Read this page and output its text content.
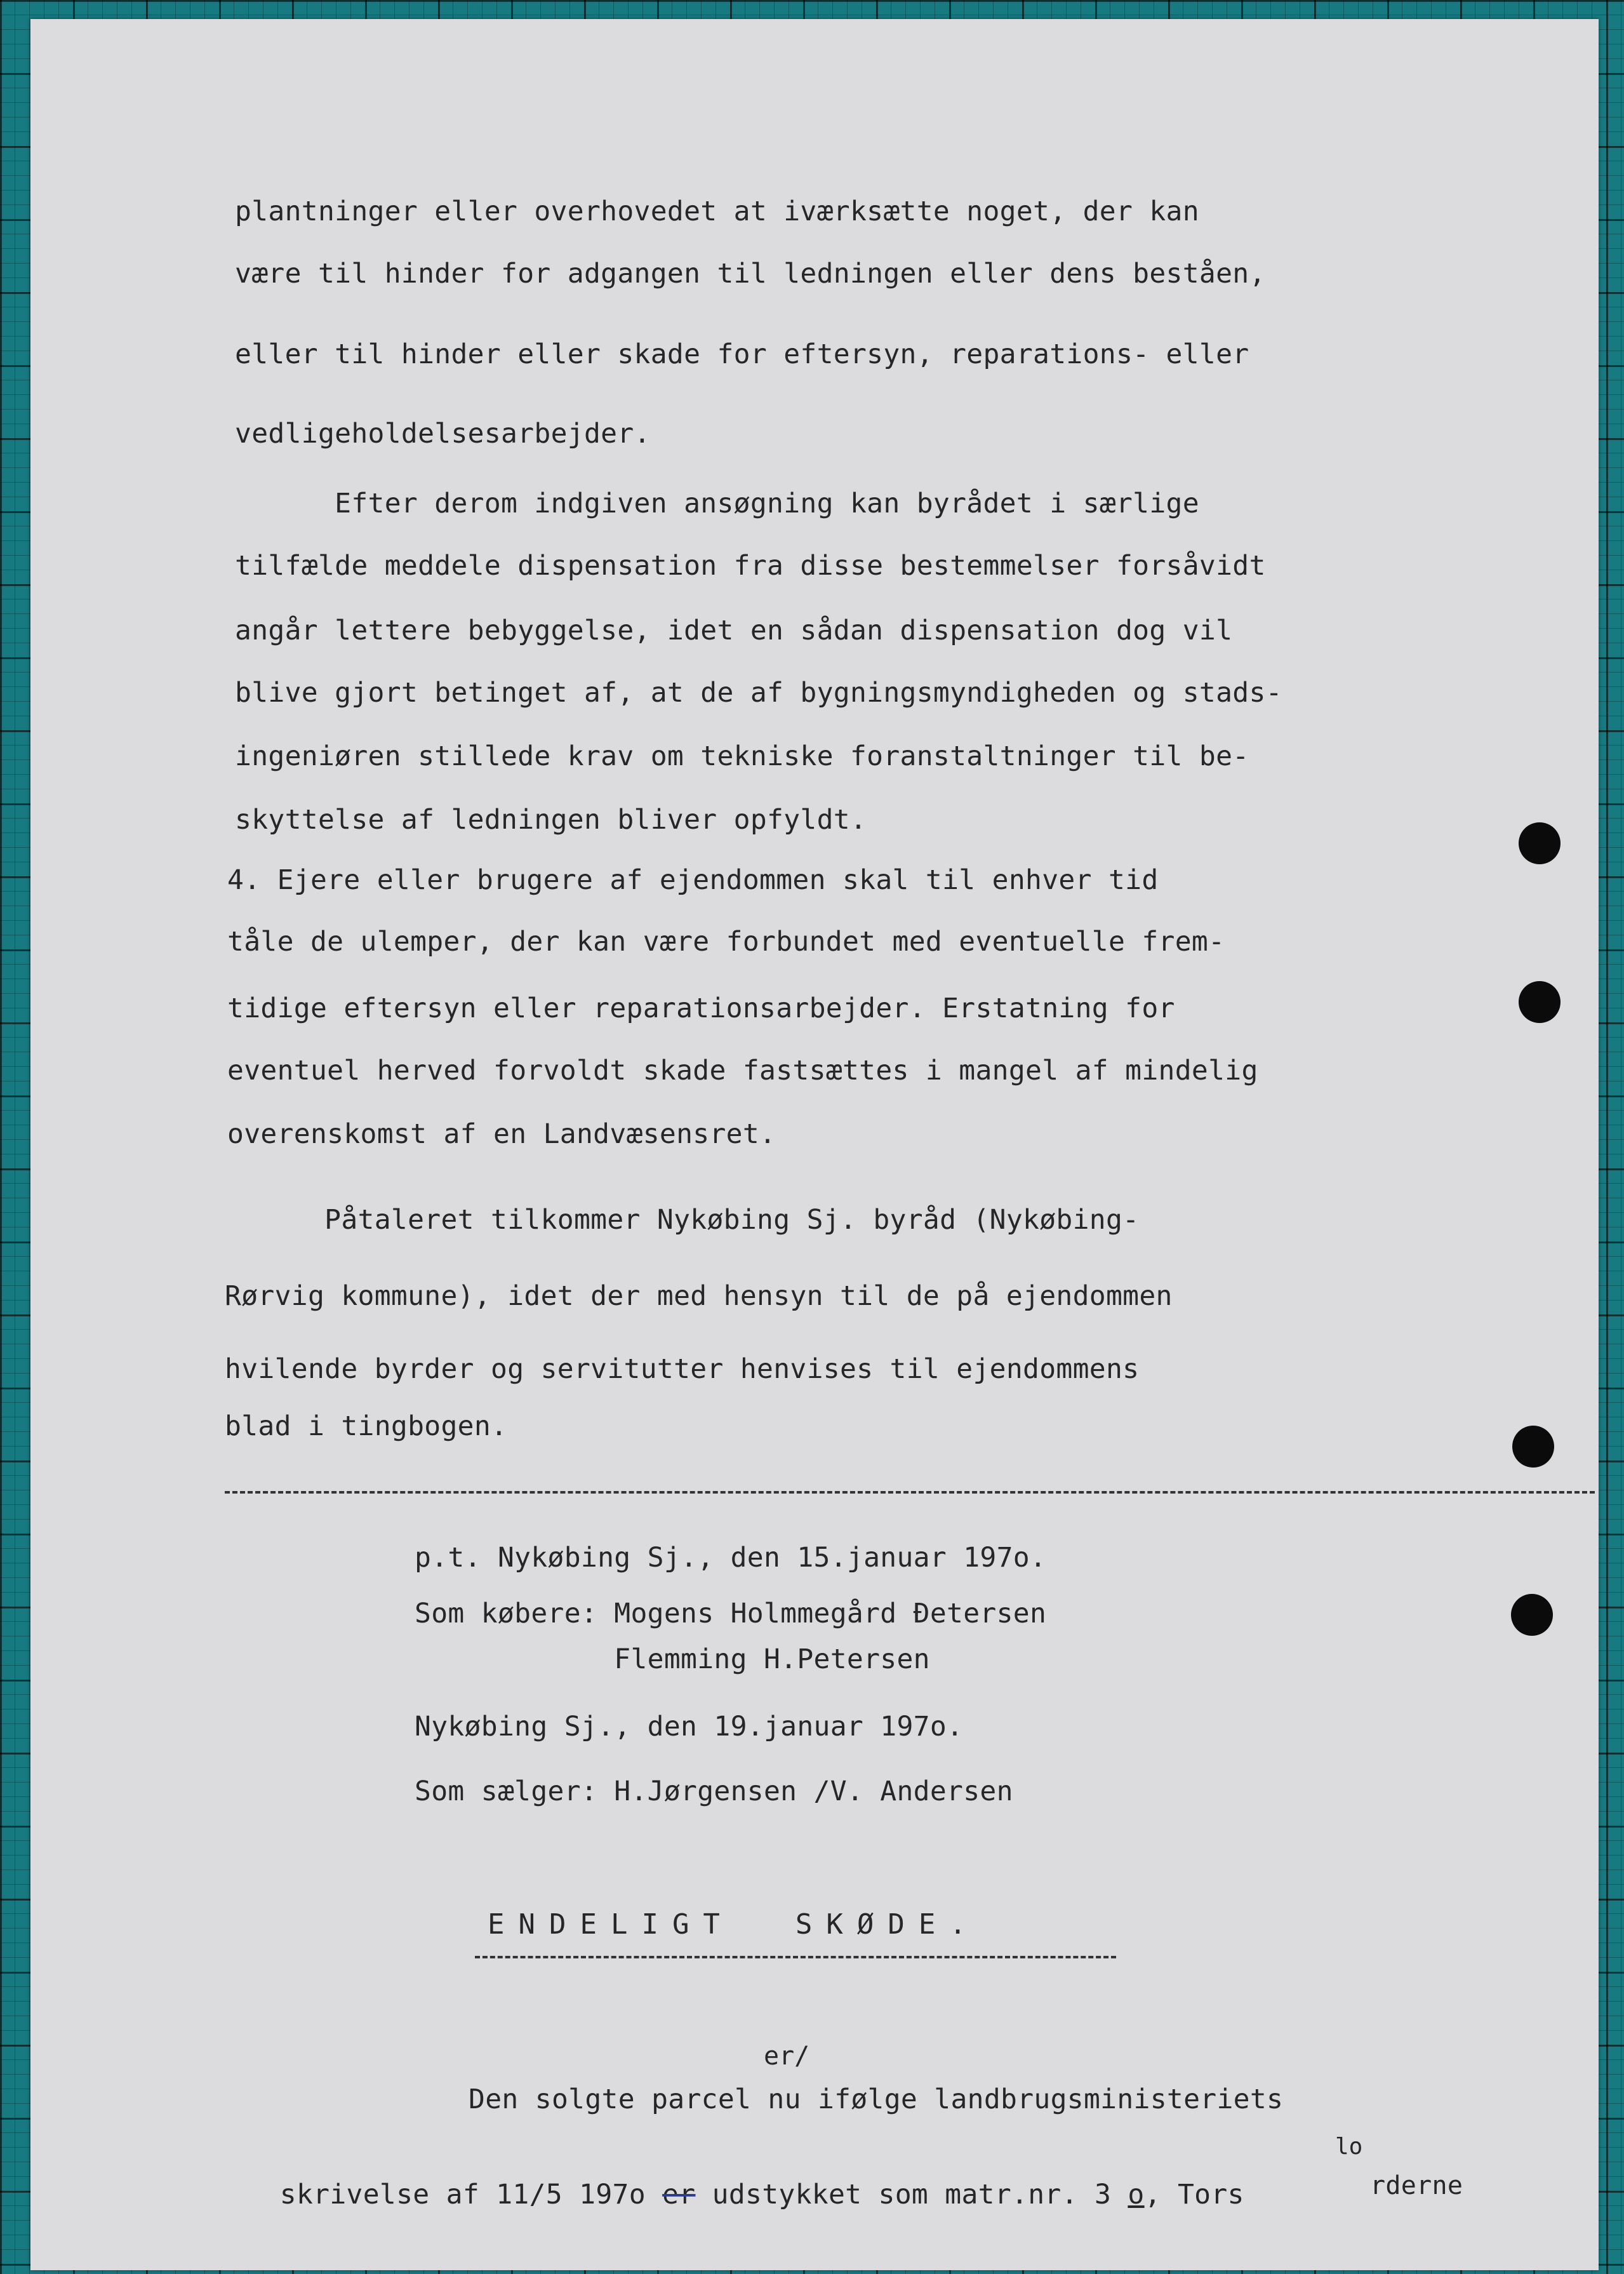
plantninger eller overhovedet at iværksætte noget, der kan
være til hinder for adgangen til ledningen eller dens beståen,
eller til hinder eller skade for eftersyn, reparations- eller
vedligeholdelsesarbejder.
Efter derom indgiven ansøgning kan byrådet i særlige
tilfælde meddele dispensation fra disse bestemmelser forsåvidt
angår lettere bebyggelse, idet en sådan dispensation dog vil
blive gjort betinget af, at de af bygningsmyndigheden og stads-
ingeniøren stillede krav om tekniske foranstaltninger til be-
skyttelse af ledningen bliver opfyldt.
4. Ejere eller brugere af ejendommen skal til enhver tid
tåle de ulemper, der kan være forbundet med eventuelle frem-
tidige eftersyn eller reparationsarbejder. Erstatning for
eventuel herved forvoldt skade fastsættes i mangel af mindelig
overenskomst af en Landvæsensret.
Påtaleret tilkommer Nykøbing Sj. byråd (Nykøbing-
Rørvig kommune), idet der med hensyn til de på ejendommen
hvilende byrder og servitutter henvises til ejendommens
blad i tingbogen.
p.t. Nykøbing Sj., den 15.januar 197o.
Som købere: Mogens Holmmegård Ðetersen
Flemming H.Petersen
Nykøbing Sj., den 19.januar 197o.
Som sælger: H.Jørgensen /V. Andersen
ENDELIGT  SKØDE.
er/
Den solgte parcel nu ifølge landbrugsministeriets

skrivelse af 11/5 197o er udstykket som matr.nr. 3 o, Tors

lo
rderne
